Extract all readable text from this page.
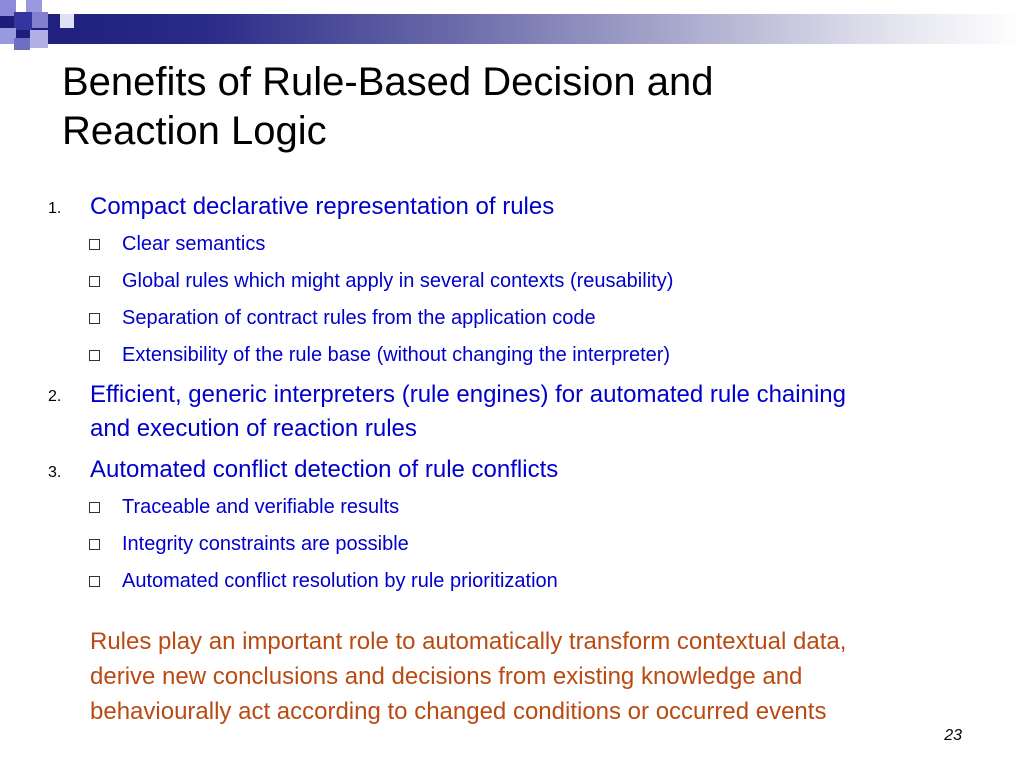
Benefits of Rule-Based Decision and
Reaction Logic
1. Compact declarative representation of rules
Clear semantics
Global rules which might apply in several contexts (reusability)
Separation of contract rules from the application code
Extensibility of the rule base (without changing the interpreter)
2. Efficient, generic interpreters (rule engines) for automated rule chaining
and execution of reaction rules
3. Automated conflict detection of rule conflicts
Traceable and verifiable results
Integrity constraints are possible
Automated conflict resolution by rule prioritization
Rules play an important role to automatically transform contextual data,
derive new conclusions and decisions from existing knowledge and
behaviourally act according to changed conditions or occurred events
23
